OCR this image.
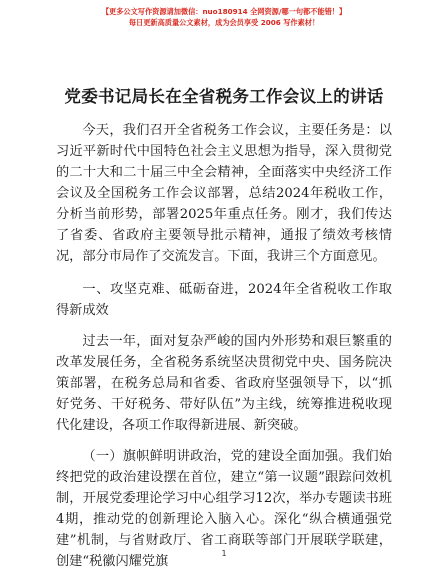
【更多公文写作资源请加微信：nuo180914 全网资源/哪一句都不能错！】
每日更新高质量公文素材，成为会员享受 2006 写作素材！
党委书记局长在全省税务工作会议上的讲话

今天，我们召开全省税务工作会议，主要任务是：以习近平新时代中国特色社会主义思想为指导，深入贯彻党的二十大和二十届三中全会精神，全面落实中央经济工作会议及全国税务工作会议部署，总结2024年税收工作，分析当前形势，部署2025年重点任务。刚才，我们传达了省委、省政府主要领导批示精神，通报了绩效考核情况，部分市局作了交流发言。下面，我讲三个方面意见。

一、攻坚克难、砥砺奋进，2024年全省税收工作取得新成效

过去一年，面对复杂严峻的国内外形势和艰巨繁重的改革发展任务，全省税务系统坚决贯彻党中央、国务院决策部署，在税务总局和省委、省政府坚强领导下，以“抓好党务、干好税务、带好队伍”为主线，统筹推进税收现代化建设，各项工作取得新进展、新突破。

（一）旗帜鲜明讲政治，党的建设全面加强。我们始终把党的政治建设摆在首位，建立“第一议题”跟踪问效机制，开展党委理论学习中心组学习12次，举办专题读书班4期，推动党的创新理论入脑入心。深化“纵合横通强党建”机制，与省财政厅、省工商联等部门开展联学联建，创建“税徽闪耀党旗

1
